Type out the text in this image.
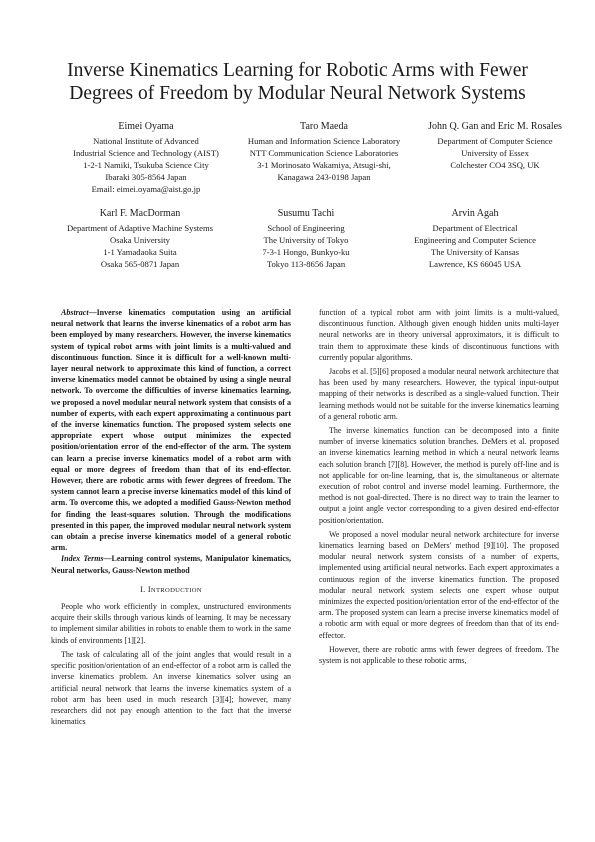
Inverse Kinematics Learning for Robotic Arms with Fewer
Degrees of Freedom by Modular Neural Network Systems
Eimei Oyama
National Institute of Advanced
Industrial Science and Technology (AIST)
1-2-1 Namiki, Tsukuba Science City
Ibaraki 305-8564 Japan
Email: eimei.oyama@aist.go.jp
Taro Maeda
Human and Information Science Laboratory
NTT Communication Science Laboratories
3-1 Morinosato Wakamiya, Atsugi-shi,
Kanagawa 243-0198 Japan
John Q. Gan and Eric M. Rosales
Department of Computer Science
University of Essex
Colchester CO4 3SQ, UK
Karl F. MacDorman
Department of Adaptive Machine Systems
Osaka University
1-1 Yamadaoka Suita
Osaka 565-0871 Japan
Susumu Tachi
School of Engineering
The University of Tokyo
7-3-1 Hongo, Bunkyo-ku
Tokyo 113-8656 Japan
Arvin Agah
Department of Electrical
Engineering and Computer Science
The University of Kansas
Lawrence, KS 66045 USA

Abstract—Inverse kinematics computation using an artificial neural network that learns the inverse kinematics of a robot arm has been employed by many researchers. However, the inverse kinematics system of typical robot arms with joint limits is a multi-valued and discontinuous function. Since it is difficult for a well-known multi-layer neural network to approximate this kind of function, a correct inverse kinematics model cannot be obtained by using a single neural network. To overcome the difficulties of inverse kinematics learning, we proposed a novel modular neural network system that consists of a number of experts, with each expert approximating a continuous part of the inverse kinematics function. The proposed system selects one appropriate expert whose output minimizes the expected position/orientation error of the end-effector of the arm. The system can learn a precise inverse kinematics model of a robot arm with equal or more degrees of freedom than that of its end-effector. However, there are robotic arms with fewer degrees of freedom. The system cannot learn a precise inverse kinematics model of this kind of arm. To overcome this, we adopted a modified Gauss-Newton method for finding the least-squares solution. Through the modifications presented in this paper, the improved modular neural network system can obtain a precise inverse kinematics model of a general robotic arm.

Index Terms—Learning control systems, Manipulator kinematics, Neural networks, Gauss-Newton method

I. INTRODUCTION

People who work efficiently in complex, unstructured environments acquire their skills through various kinds of learning. It may be necessary to implement similar abilities in robots to enable them to work in the same kinds of environments [1][2].

The task of calculating all of the joint angles that would result in a specific position/orientation of an end-effector of a robot arm is called the inverse kinematics problem. An inverse kinematics solver using an artificial neural network that learns the inverse kinematics system of a robot arm has been used in much research [3][4]; however, many researchers did not pay enough attention to the fact that the inverse kinematics

function of a typical robot arm with joint limits is a multi-valued, discontinuous function. Although given enough hidden units multi-layer neural networks are in theory universal approximators, it is difficult to train them to approximate these kinds of discontinuous functions with currently popular algorithms.

Jacobs et al. [5][6] proposed a modular neural network architecture that has been used by many researchers. However, the typical input-output mapping of their networks is described as a single-valued function. Their learning methods would not be suitable for the inverse kinematics learning of a general robotic arm.

The inverse kinematics function can be decomposed into a finite number of inverse kinematics solution branches. DeMers et al. proposed an inverse kinematics learning method in which a neural network learns each solution branch [7][8]. However, the method is purely off-line and is not applicable for on-line learning, that is, the simultaneous or alternate execution of robot control and inverse model learning. Furthermore, the method is not goal-directed. There is no direct way to train the learner to output a joint angle vector corresponding to a given desired end-effector position/orientation.

We proposed a novel modular neural network architecture for inverse kinematics learning based on DeMers' method [9][10]. The proposed modular neural network system consists of a number of experts, implemented using artificial neural networks. Each expert approximates a continuous region of the inverse kinematics function. The proposed modular neural network system selects one expert whose output minimizes the expected position/orientation error of the end-effector of the arm. The proposed system can learn a precise inverse kinematics model of a robotic arm with equal or more degrees of freedom than that of its end-effector.

However, there are robotic arms with fewer degrees of freedom. The system is not applicable to these robotic arms,
